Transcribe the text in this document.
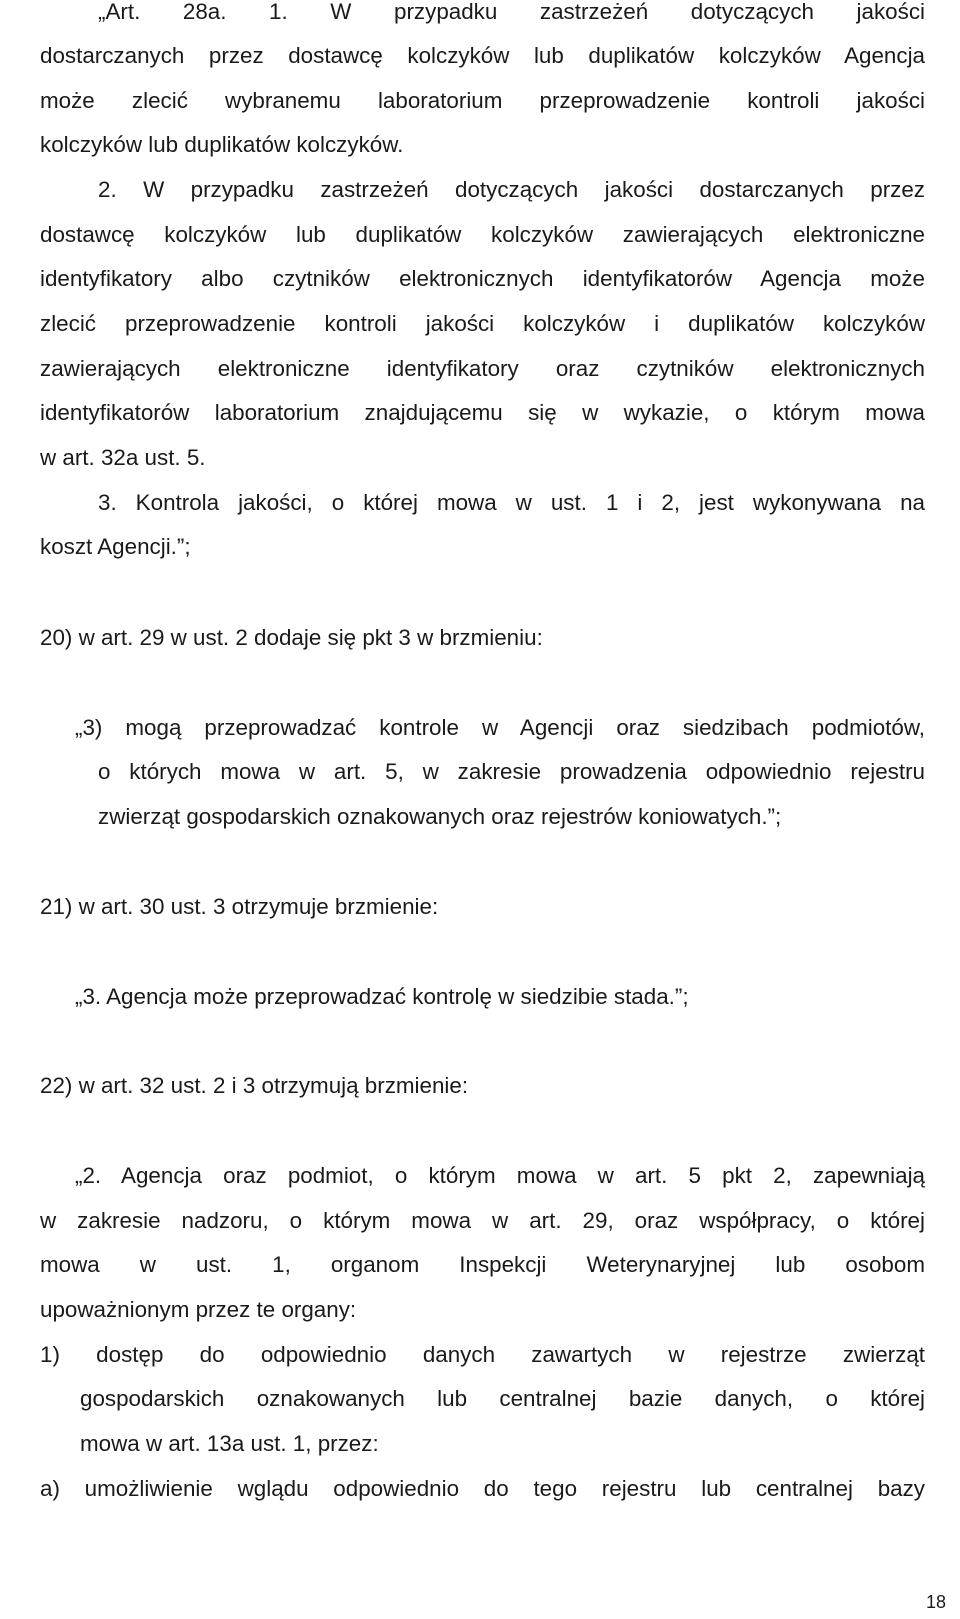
„Art. 28a. 1. W przypadku zastrzeżeń dotyczących jakości
dostarczanych przez dostawcę kolczyków lub duplikatów kolczyków Agencja
może zlecić wybranemu laboratorium przeprowadzenie kontroli jakości
kolczyków lub duplikatów kolczyków.
2. W przypadku zastrzeżeń dotyczących jakości dostarczanych przez
dostawcę kolczyków lub duplikatów kolczyków zawierających elektroniczne
identyfikatory albo czytników elektronicznych identyfikatorów Agencja może
zlecić przeprowadzenie kontroli jakości kolczyków i duplikatów kolczyków
zawierających elektroniczne identyfikatory oraz czytników elektronicznych
identyfikatorów laboratorium znajdującemu się w wykazie, o którym mowa
w art. 32a ust. 5.
3. Kontrola jakości, o której mowa w ust. 1 i 2, jest wykonywana na
koszt Agencji.”;
20) w art. 29 w ust. 2 dodaje się pkt 3 w brzmieniu:
„3) mogą przeprowadzać kontrole w Agencji oraz siedzibach podmiotów,
o których mowa w art. 5, w zakresie prowadzenia odpowiednio rejestru
zwierząt gospodarskich oznakowanych oraz rejestrów koniowatych.”;
21) w art. 30 ust. 3 otrzymuje brzmienie:
„3. Agencja może przeprowadzać kontrolę w siedzibie stada.”;
22) w art. 32 ust. 2 i 3 otrzymują brzmienie:
„2. Agencja oraz podmiot, o którym mowa w art. 5 pkt 2, zapewniają
w zakresie nadzoru, o którym mowa w art. 29, oraz współpracy, o której
mowa w ust. 1, organom Inspekcji Weterynaryjnej lub osobom
upoważnionym przez te organy:
1) dostęp do odpowiednio danych zawartych w rejestrze zwierząt
gospodarskich oznakowanych lub centralnej bazie danych, o której
mowa w art. 13a ust. 1, przez:
a) umożliwienie wglądu odpowiednio do tego rejestru lub centralnej bazy
18
